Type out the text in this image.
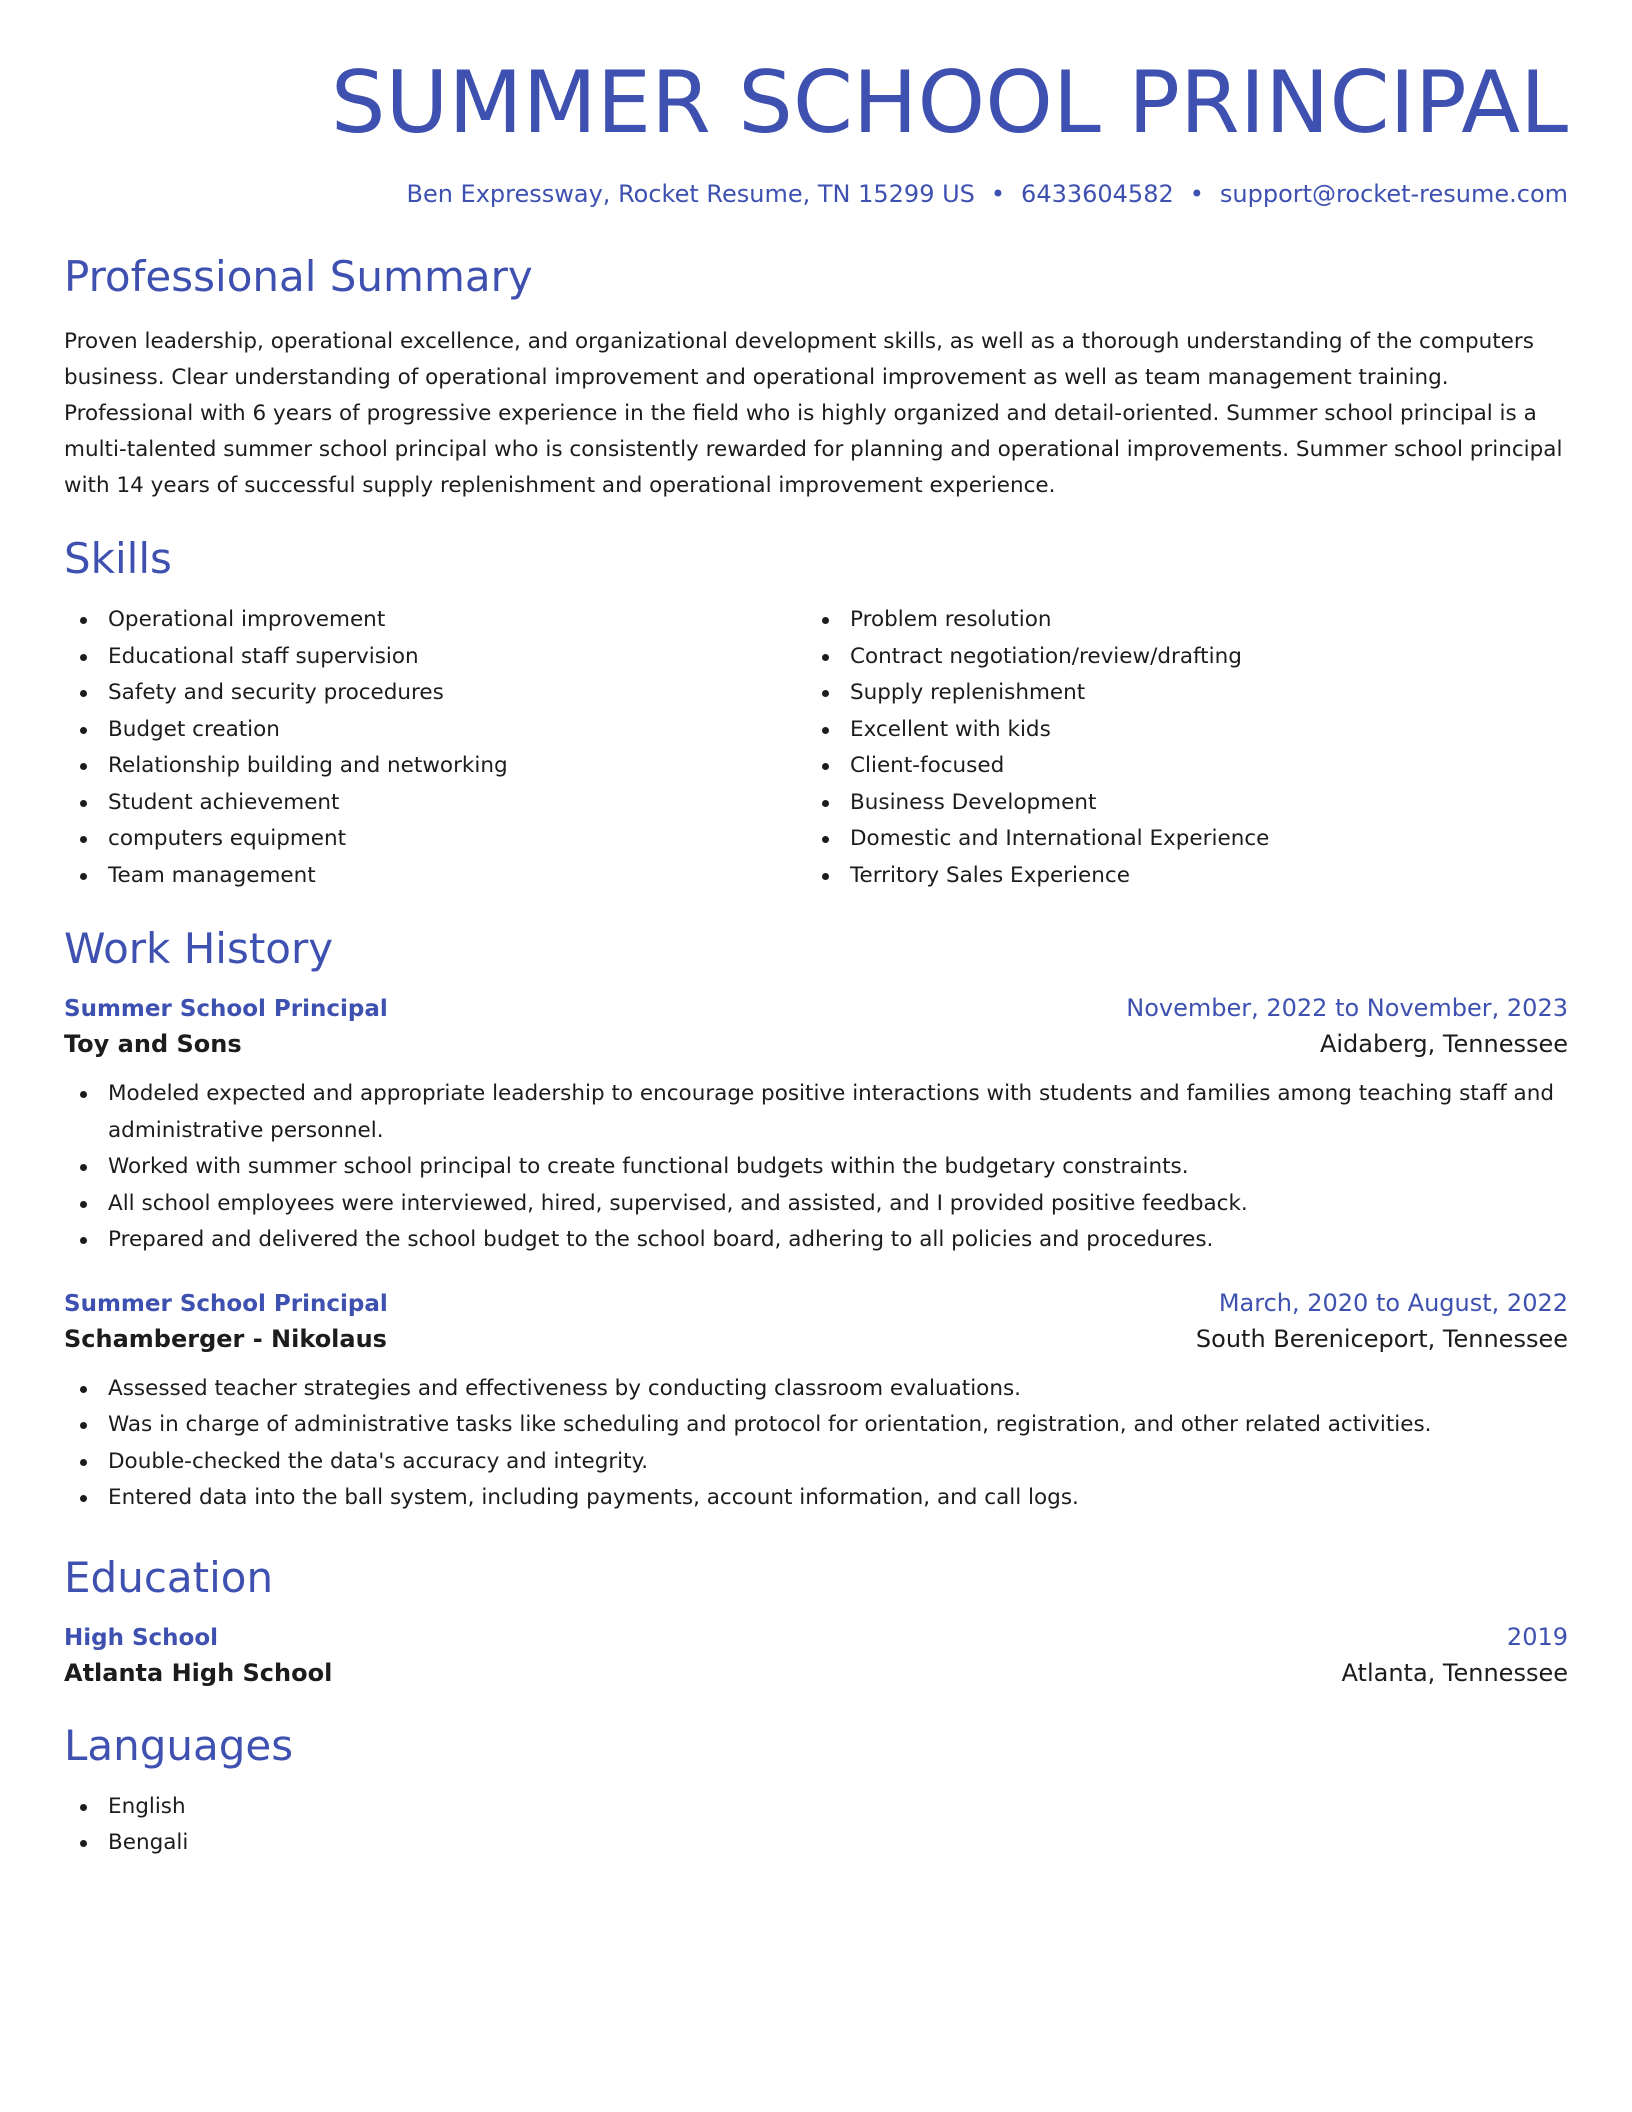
SUMMER SCHOOL PRINCIPAL
Ben Expressway, Rocket Resume, TN 15299 US • 6433604582 • support@rocket-resume.com
Professional Summary
Proven leadership, operational excellence, and organizational development skills, as well as a thorough understanding of the computers business. Clear understanding of operational improvement and operational improvement as well as team management training. Professional with 6 years of progressive experience in the field who is highly organized and detail-oriented. Summer school principal is a multi-talented summer school principal who is consistently rewarded for planning and operational improvements. Summer school principal with 14 years of successful supply replenishment and operational improvement experience.
Skills
Operational improvement
Educational staff supervision
Safety and security procedures
Budget creation
Relationship building and networking
Student achievement
computers equipment
Team management
Problem resolution
Contract negotiation/review/drafting
Supply replenishment
Excellent with kids
Client-focused
Business Development
Domestic and International Experience
Territory Sales Experience
Work History
Summer School Principal	November, 2022 to November, 2023
Toy and Sons	Aidaberg, Tennessee
Modeled expected and appropriate leadership to encourage positive interactions with students and families among teaching staff and administrative personnel.
Worked with summer school principal to create functional budgets within the budgetary constraints.
All school employees were interviewed, hired, supervised, and assisted, and I provided positive feedback.
Prepared and delivered the school budget to the school board, adhering to all policies and procedures.
Summer School Principal	March, 2020 to August, 2022
Schamberger - Nikolaus	South Bereniceport, Tennessee
Assessed teacher strategies and effectiveness by conducting classroom evaluations.
Was in charge of administrative tasks like scheduling and protocol for orientation, registration, and other related activities.
Double-checked the data's accuracy and integrity.
Entered data into the ball system, including payments, account information, and call logs.
Education
High School	2019
Atlanta High School	Atlanta, Tennessee
Languages
English
Bengali
